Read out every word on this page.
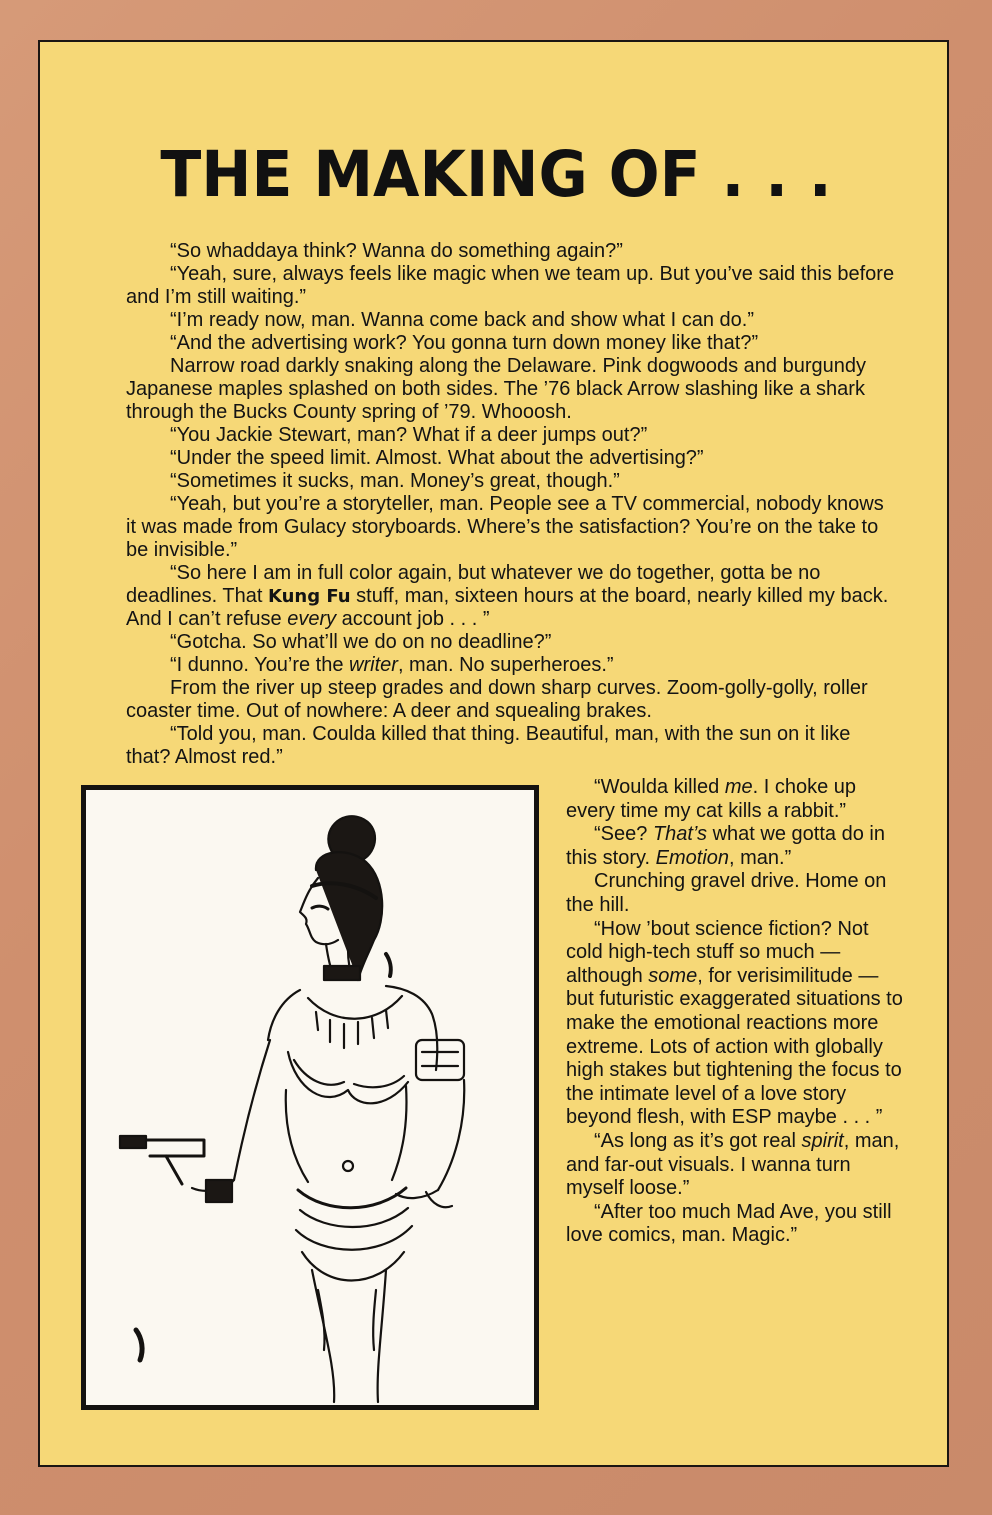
THE MAKING OF . . .

“So whaddaya think? Wanna do something again?”

“Yeah, sure, always feels like magic when we team up. But you’ve said this before and I’m still waiting.”

“I’m ready now, man. Wanna come back and show what I can do.”

“And the advertising work? You gonna turn down money like that?”

Narrow road darkly snaking along the Delaware. Pink dogwoods and burgundy Japanese maples splashed on both sides. The ’76 black Arrow slashing like a shark through the Bucks County spring of ’79. Whooosh.

“You Jackie Stewart, man? What if a deer jumps out?”

“Under the speed limit. Almost. What about the advertising?”

“Sometimes it sucks, man. Money’s great, though.”

“Yeah, but you’re a storyteller, man. People see a TV commercial, nobody knows it was made from Gulacy storyboards. Where’s the satisfaction? You’re on the take to be invisible.”

“So here I am in full color again, but whatever we do together, gotta be no deadlines. That Kung Fu stuff, man, sixteen hours at the board, nearly killed my back. And I can’t refuse every account job . . . ”

“Gotcha. So what’ll we do on no deadline?”

“I dunno. You’re the writer, man. No superheroes.”

From the river up steep grades and down sharp curves. Zoom-golly-golly, roller coaster time. Out of nowhere: A deer and squealing brakes.

“Told you, man. Coulda killed that thing. Beautiful, man, with the sun on it like that? Almost red.”

“Woulda killed me. I choke up every time my cat kills a rabbit.”

“See? That’s what we gotta do in this story. Emotion, man.”

Crunching gravel drive. Home on the hill.

“How ’bout science fiction? Not cold high-tech stuff so much — although some, for verisimilitude — but futuristic exaggerated situations to make the emotional reactions more extreme. Lots of action with globally high stakes but tightening the focus to the intimate level of a love story beyond flesh, with ESP maybe . . . ”

“As long as it’s got real spirit, man, and far-out visuals. I wanna turn myself loose.”

“After too much Mad Ave, you still love comics, man. Magic.”
